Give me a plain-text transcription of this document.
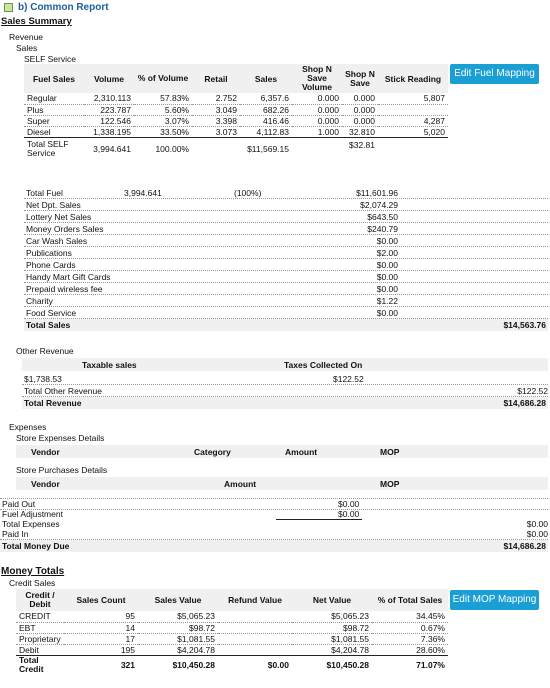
b) Common Report
Sales Summary
Revenue
Sales
SELF Service
Edit Fuel Mapping
Fuel Sales	Volume	% of Volume	Retail	Sales	Shop N Save Volume	Shop N Save	Stick Reading
Regular	2,310.113	57.83%	2.752	6,357.6	0.000	0.000	5,807
Plus	223.787	5.60%	3.049	682.26	0.000	0.000	
Super	122.546	3.07%	3.398	416.46	0.000	0.000	4,287
Diesel	1,338.195	33.50%	3.073	4,112.83	1.000	32.810	5,020
Total SELF Service	3,994.641	100.00%		$11,569.15		$32.81	
Total Fuel	3,994.641	(100%)	$11,601.96
Net Dpt. Sales	$2,074.29
Lottery Net Sales	$643.50
Money Orders Sales	$240.79
Car Wash Sales	$0.00
Publications	$2.00
Phone Cards	$0.00
Handy Mart Gift Cards	$0.00
Prepaid wireless fee	$0.00
Charity	$1.22
Food Service	$0.00
Total Sales	$14,563.76
Other Revenue
Taxable sales	Taxes Collected On
$1,738.53	$122.52
Total Other Revenue	$122.52
Total Revenue	$14,686.28
Expenses
Store Expenses Details
Vendor	Category	Amount	MOP
Store Purchases Details
Vendor	Amount	MOP
Paid Out	$0.00
Fuel Adjustment	$0.00
Total Expenses	$0.00
Paid In	$0.00
Total Money Due	$14,686.28
Money Totals
Credit Sales
Edit MOP Mapping
Credit / Debit	Sales Count	Sales Value	Refund Value	Net Value	% of Total Sales
CREDIT	95	$5,065.23		$5,065.23	34.45%
EBT	14	$98.72		$98.72	0.67%
Proprietary	17	$1,081.55		$1,081.55	7.36%
Debit	195	$4,204.78		$4,204.78	28.60%
Total Credit	321	$10,450.28	$0.00	$10,450.28	71.07%
